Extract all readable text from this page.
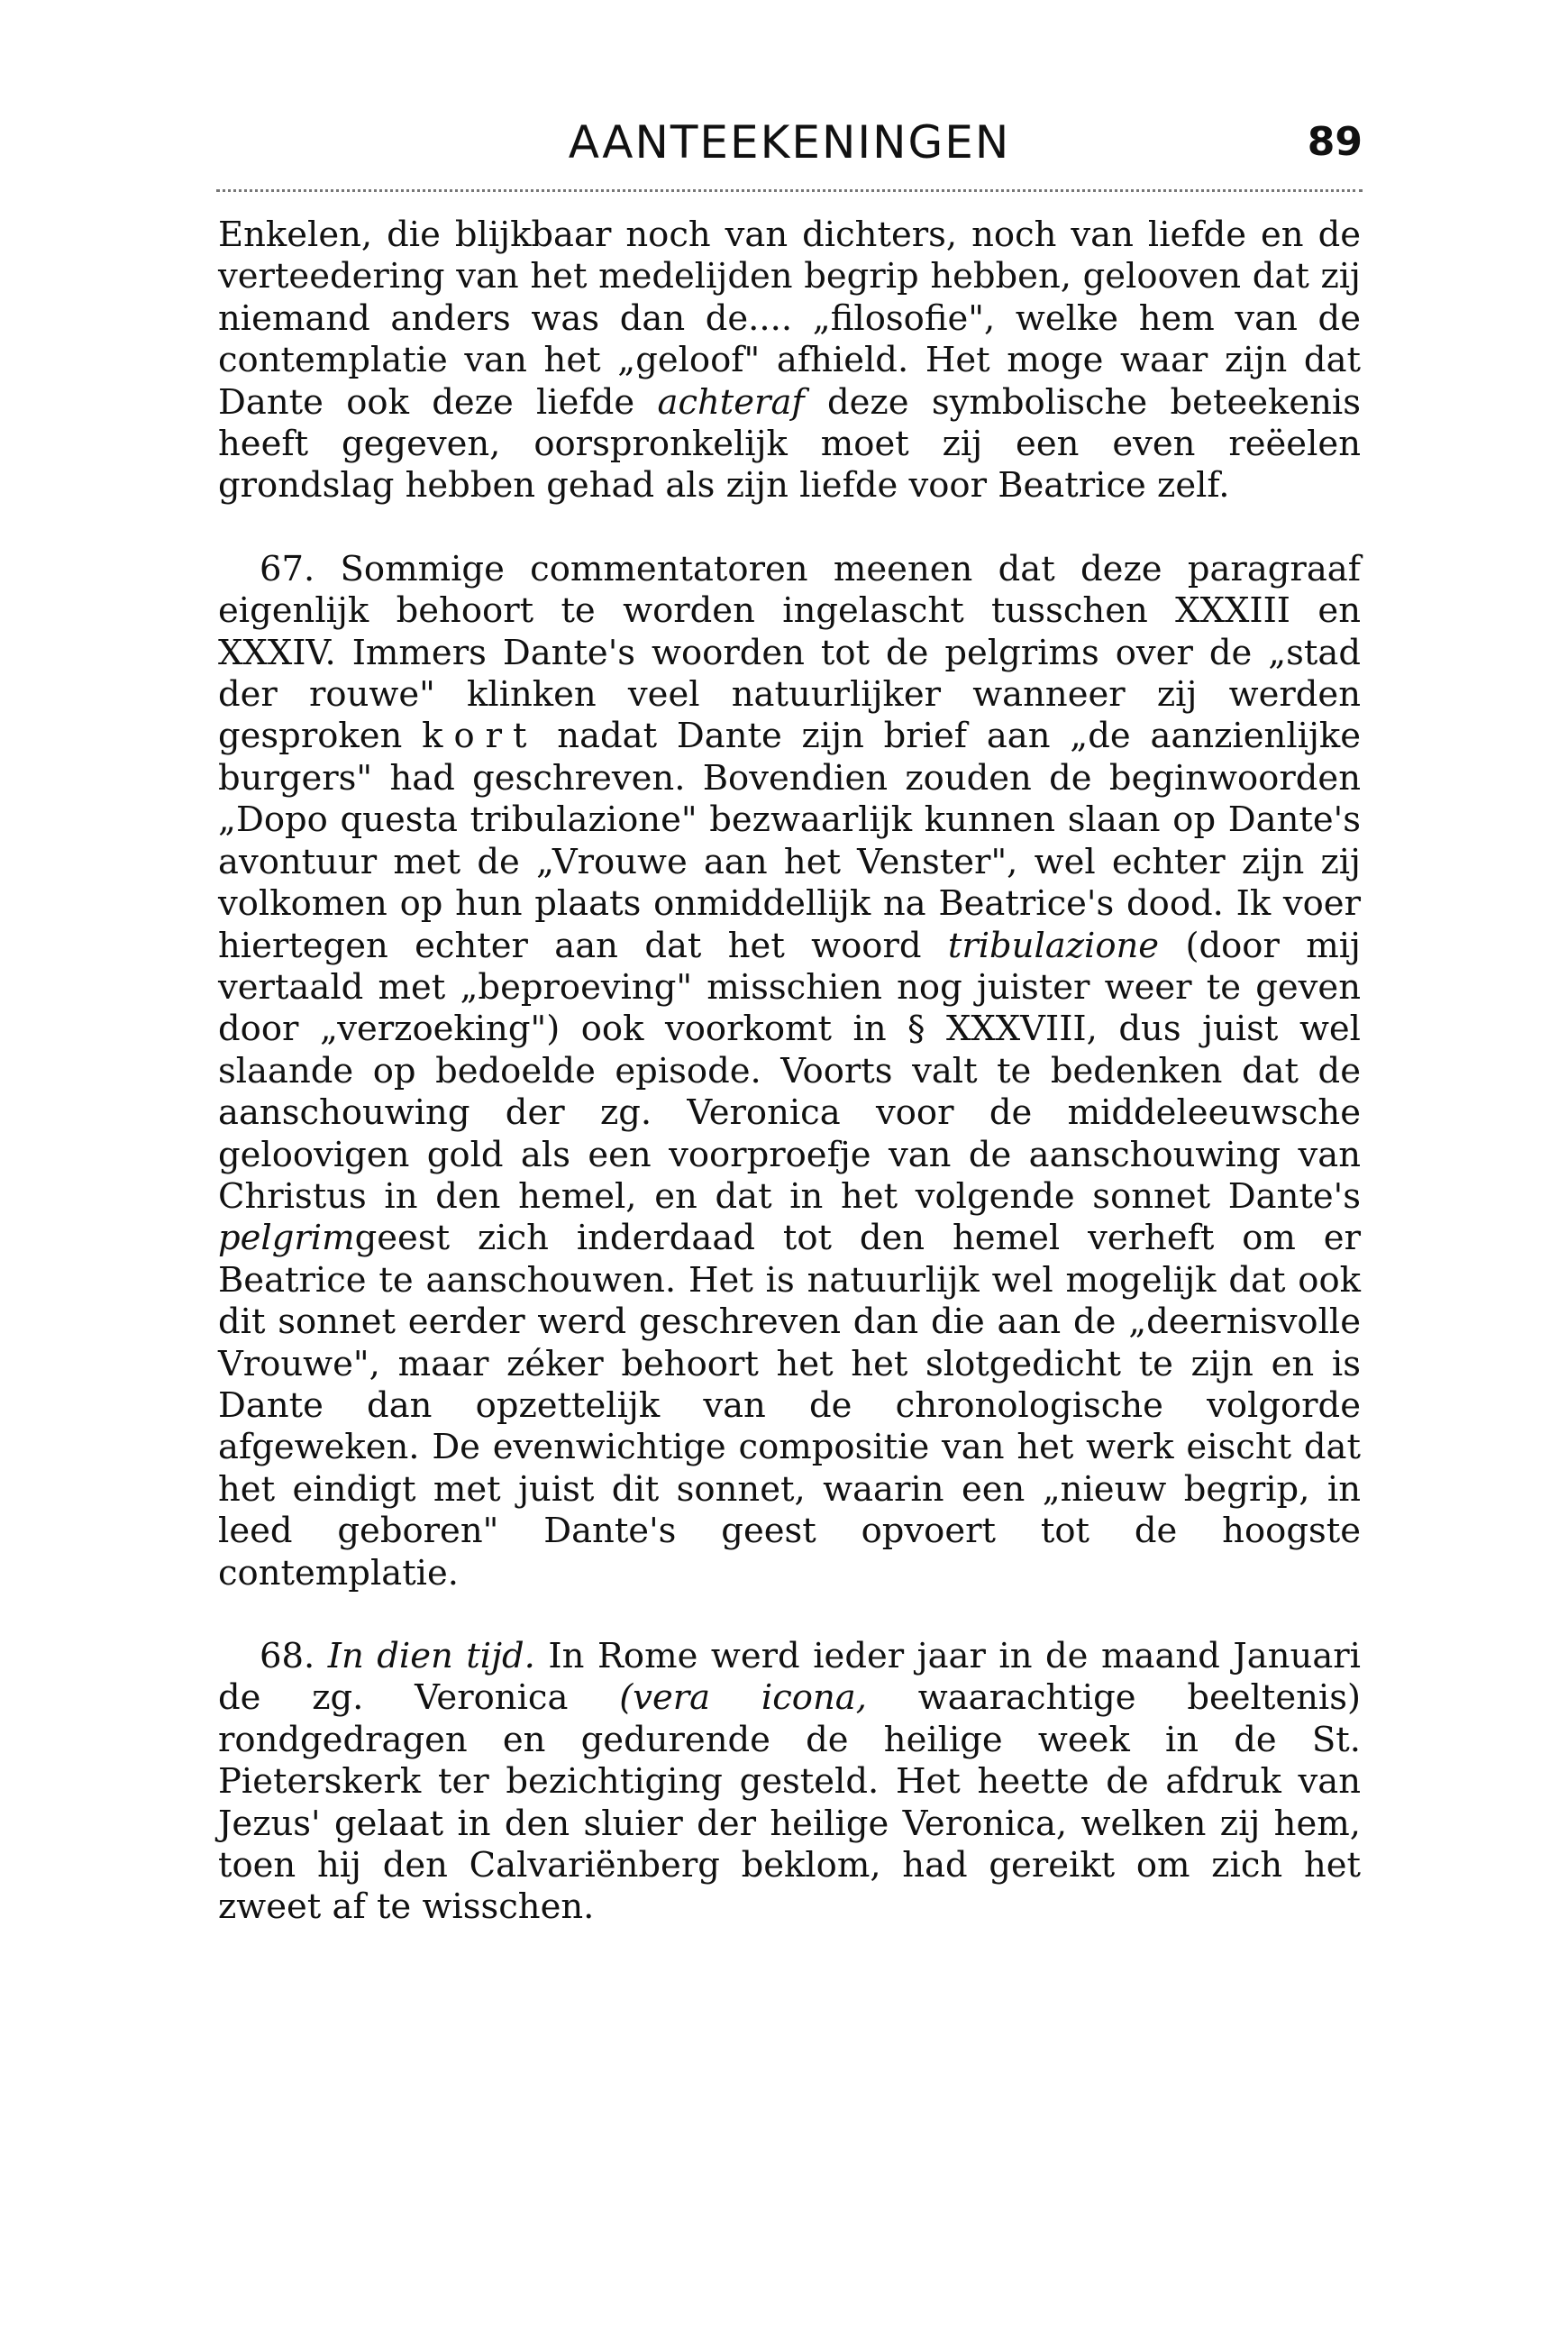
AANTEEKENINGEN	89

Enkelen, die blijkbaar noch van dichters, noch van liefde en de verteedering van het medelijden begrip hebben, gelooven dat zij niemand anders was dan de.... „filosofie", welke hem van de contemplatie van het „geloof" afhield. Het moge waar zijn dat Dante ook deze liefde achteraf deze symbolische beteekenis heeft gegeven, oorspronkelijk moet zij een even reëelen grondslag hebben gehad als zijn liefde voor Beatrice zelf.

67. Sommige commentatoren meenen dat deze paragraaf eigenlijk behoort te worden ingelascht tusschen XXXIII en XXXIV. Immers Dante's woorden tot de pelgrims over de „stad der rouwe" klinken veel natuurlijker wanneer zij werden gesproken kort nadat Dante zijn brief aan „de aanzienlijke burgers" had geschreven. Bovendien zouden de beginwoorden „Dopo questa tribulazione" bezwaarlijk kunnen slaan op Dante's avontuur met de „Vrouwe aan het Venster", wel echter zijn zij volkomen op hun plaats onmiddellijk na Beatrice's dood. Ik voer hiertegen echter aan dat het woord tribulazione (door mij vertaald met „beproeving" misschien nog juister weer te geven door „verzoeking") ook voorkomt in § XXXVIII, dus juist wel slaande op bedoelde episode. Voorts valt te bedenken dat de aanschouwing der zg. Veronica voor de middeleeuwsche geloovigen gold als een voorproefje van de aanschouwing van Christus in den hemel, en dat in het volgende sonnet Dante's pelgrimgeest zich inderdaad tot den hemel verheft om er Beatrice te aanschouwen. Het is natuurlijk wel mogelijk dat ook dit sonnet eerder werd geschreven dan die aan de „deernisvolle Vrouwe", maar zéker behoort het het slotgedicht te zijn en is Dante dan opzettelijk van de chronologische volgorde afgeweken. De evenwichtige compositie van het werk eischt dat het eindigt met juist dit sonnet, waarin een „nieuw begrip, in leed geboren" Dante's geest opvoert tot de hoogste contemplatie.

68. In dien tijd. In Rome werd ieder jaar in de maand Januari de zg. Veronica (vera icona, waarachtige beeltenis) rondgedragen en gedurende de heilige week in de St. Pieterskerk ter bezichtiging gesteld. Het heette de afdruk van Jezus' gelaat in den sluier der heilige Veronica, welken zij hem, toen hij den Calvariënberg beklom, had gereikt om zich het zweet af te wisschen.
